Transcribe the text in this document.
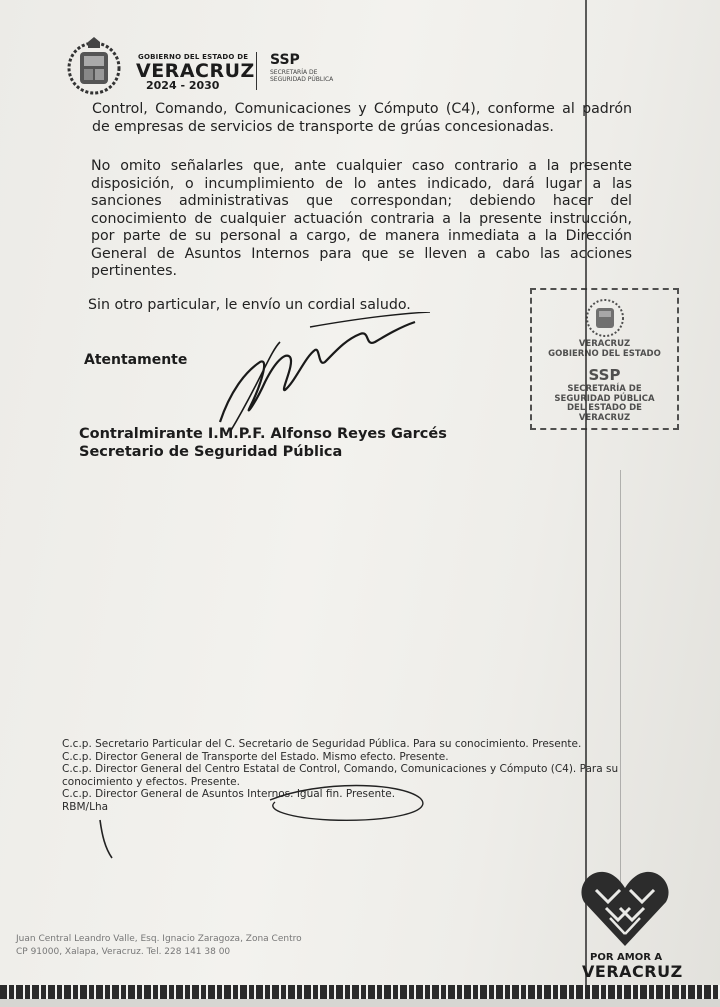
GOBIERNO DEL ESTADO DE
VERACRUZ
2024 - 2030
SSP
SECRETARÍA DE SEGURIDAD PÚBLICA

Control, Comando, Comunicaciones y Cómputo (C4), conforme al padrón de empresas de servicios de transporte de grúas concesionadas.

No omito señalarles que, ante cualquier caso contrario a la presente disposición, o incumplimiento de lo antes indicado, dará lugar a las sanciones administrativas que correspondan; debiendo hacer del conocimiento de cualquier actuación contraria a la presente instrucción, por parte de su personal a cargo, de manera inmediata a la Dirección General de Asuntos Internos para que se lleven a cabo las acciones pertinentes.

Sin otro particular, le envío un cordial saludo.

Atentamente
Contralmirante I.M.P.F. Alfonso Reyes Garcés
Secretario de Seguridad Pública
VERACRUZ
GOBIERNO DEL ESTADO
SSP
SECRETARÍA DE
SEGURIDAD PÚBLICA
DEL ESTADO DE
VERACRUZ
C.c.p. Secretario Particular del C. Secretario de Seguridad Pública. Para su conocimiento. Presente.
C.c.p. Director General de Transporte del Estado. Mismo efecto. Presente.
C.c.p. Director General del Centro Estatal de Control, Comando, Comunicaciones y Cómputo (C4). Para su conocimiento y efectos. Presente.
C.c.p. Director General de Asuntos Internos. Igual fin. Presente.
RBM/Lha
Juan Central Leandro Valle, Esq. Ignacio Zaragoza, Zona Centro
CP 91000, Xalapa, Veracruz. Tel. 228 141 38 00	POR AMOR A
VERACRUZ
